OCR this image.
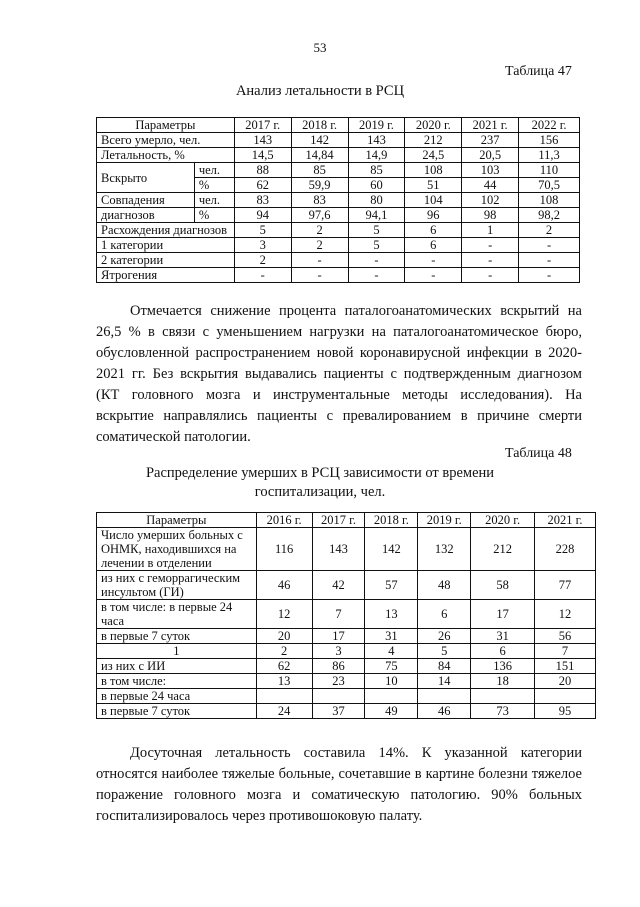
53
Таблица 47
Анализ летальности в РСЦ
Параметры		2017 г.	2018 г.	2019 г.	2020 г.	2021 г.	2022 г.
Всего умерло, чел.		143	142	143	212	237	156
Летальность, %		14,5	14,84	14,9	24,5	20,5	11,3
Вскрыто	чел.	88	85	85	108	103	110
	%	62	59,9	60	51	44	70,5
Совпадения	чел.	83	83	80	104	102	108
диагнозов	%	94	97,6	94,1	96	98	98,2
Расхождения диагнозов		5	2	5	6	1	2
1 категории		3	2	5	6	-	-
2 категории		2	-	-	-	-	-
Ятрогения		-	-	-	-	-	-
Отмечается снижение процента паталогоанатомических вскрытий на 26,5 % в связи с уменьшением нагрузки на паталогоанатомическое бюро, обусловленной распространением новой коронавирусной инфекции в 2020-2021 гг. Без вскрытия выдавались пациенты с подтвержденным диагнозом (КТ головного мозга и инструментальные методы исследования). На вскрытие направлялись пациенты с превалированием в причине смерти соматической патологии.
Таблица 48
Распределение умерших в РСЦ зависимости от времени
госпитализации, чел.
Параметры	2016 г.	2017 г.	2018 г.	2019 г.	2020 г.	2021 г.
Число умерших больных с ОНМК, находившихся на лечении в отделении	116	143	142	132	212	228
из них с геморрагическим инсультом (ГИ)	46	42	57	48	58	77
в том числе: в первые 24 часа	12	7	13	6	17	12
в первые 7 суток	20	17	31	26	31	56
1	2	3	4	5	6	7
из них с ИИ	62	86	75	84	136	151
в том числе:	13	23	10	14	18	20
в первые 24 часа						
в первые 7 суток	24	37	49	46	73	95
Досуточная летальность составила 14%. К указанной категории относятся наиболее тяжелые больные, сочетавшие в картине болезни тяжелое поражение головного мозга и соматическую патологию. 90% больных госпитализировалось через противошоковую палату.
